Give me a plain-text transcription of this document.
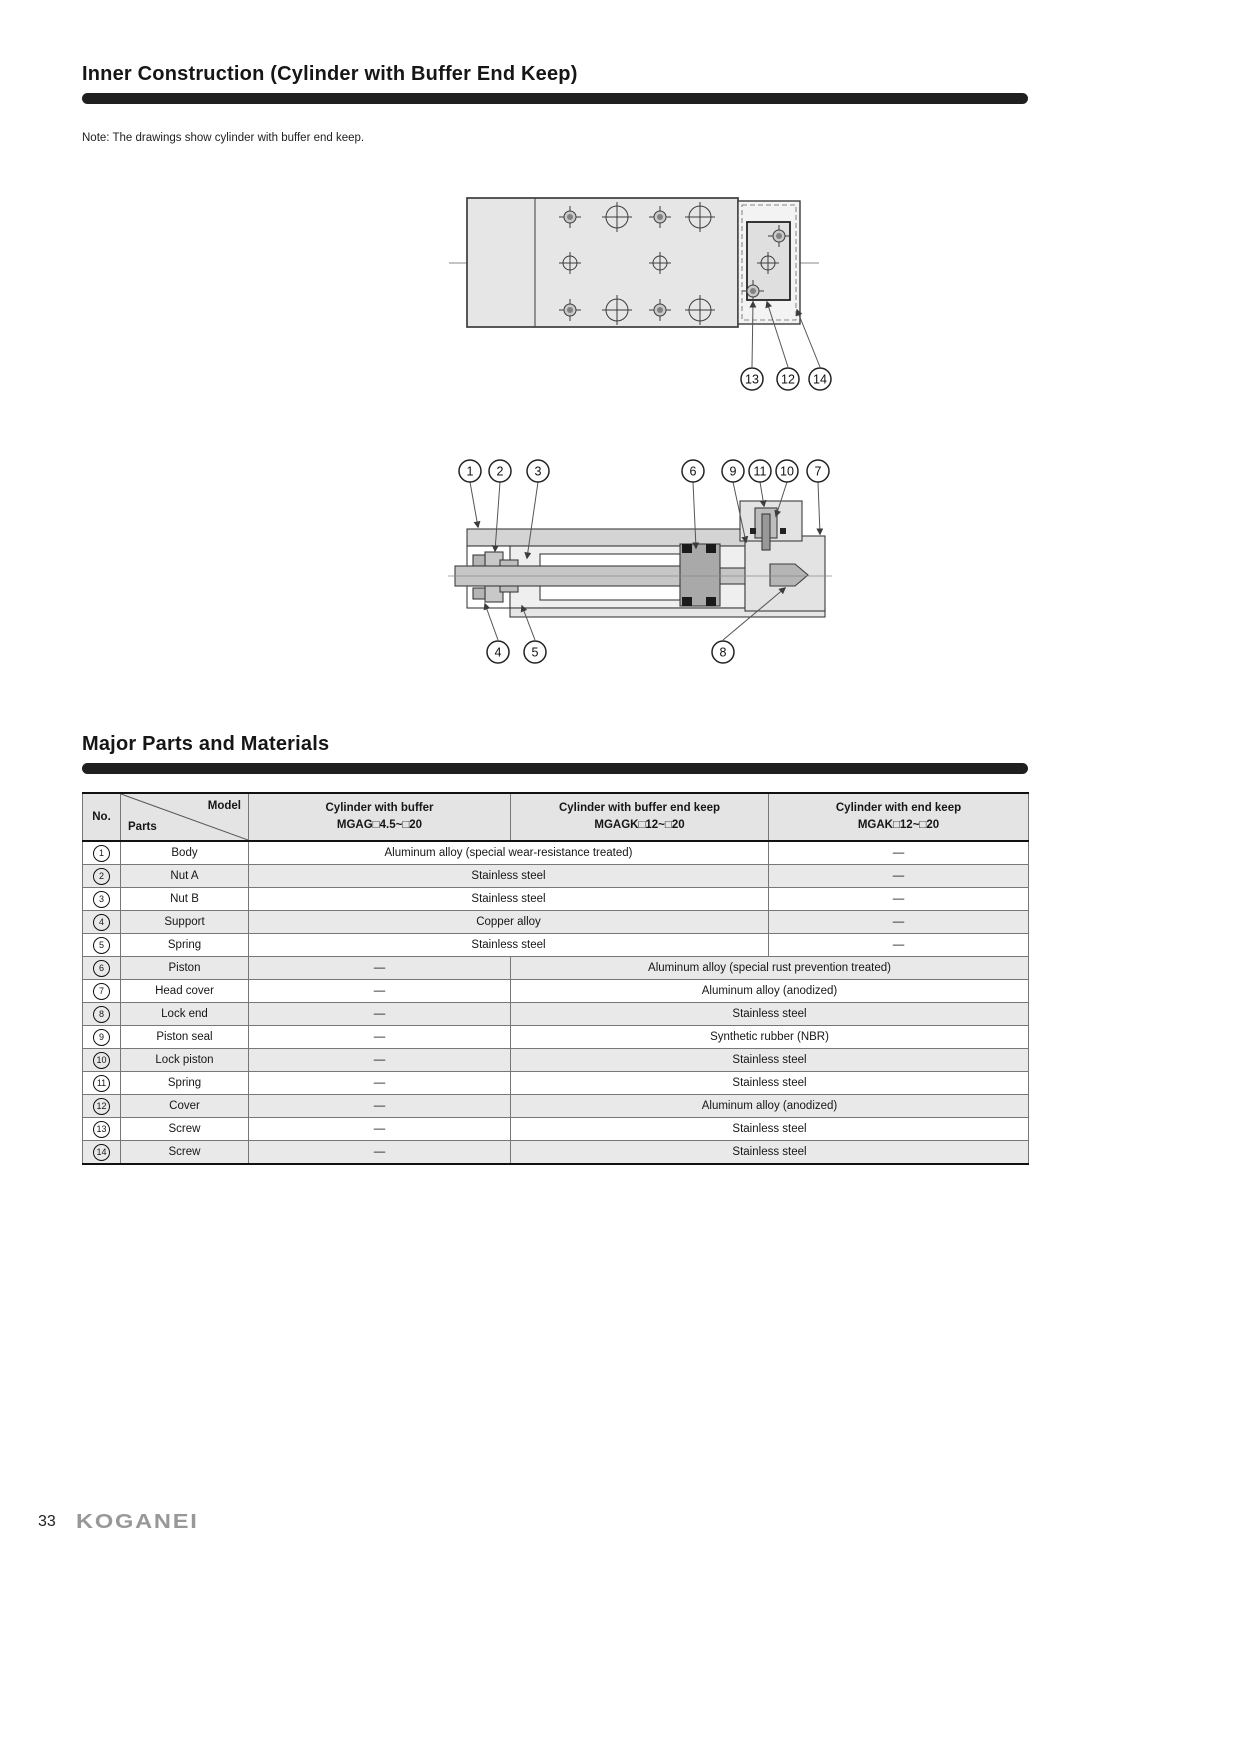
Inner Construction (Cylinder with Buffer End Keep)
Note: The drawings show cylinder with buffer end keep.
13 12 14
1 2 3	6	9 11 10 7
4 5	8
Major Parts and Materials
No.	
Model
Parts

Cylinder with buffer
MGAG□4.5~□20

Cylinder with buffer end keep
MGAGK□12~□20

Cylinder with end keep
MGAK□12~□20

1	Body	Aluminum alloy (special wear-resistance treated)		—
2	Nut A	Stainless steel		—
3	Nut B	Stainless steel		—
4	Support	Copper alloy		—
5	Spring	Stainless steel		—
6	Piston	—	Aluminum alloy (special rust prevention treated)	
7	Head cover	—	Aluminum alloy (anodized)	
8	Lock end	—	Stainless steel	
9	Piston seal	—	Synthetic rubber (NBR)	
10	Lock piston	—	Stainless steel	
11	Spring	—	Stainless steel	
12	Cover	—	Aluminum alloy (anodized)	
13	Screw	—	Stainless steel	
14	Screw	—	Stainless steel	
33 KOGANEI
